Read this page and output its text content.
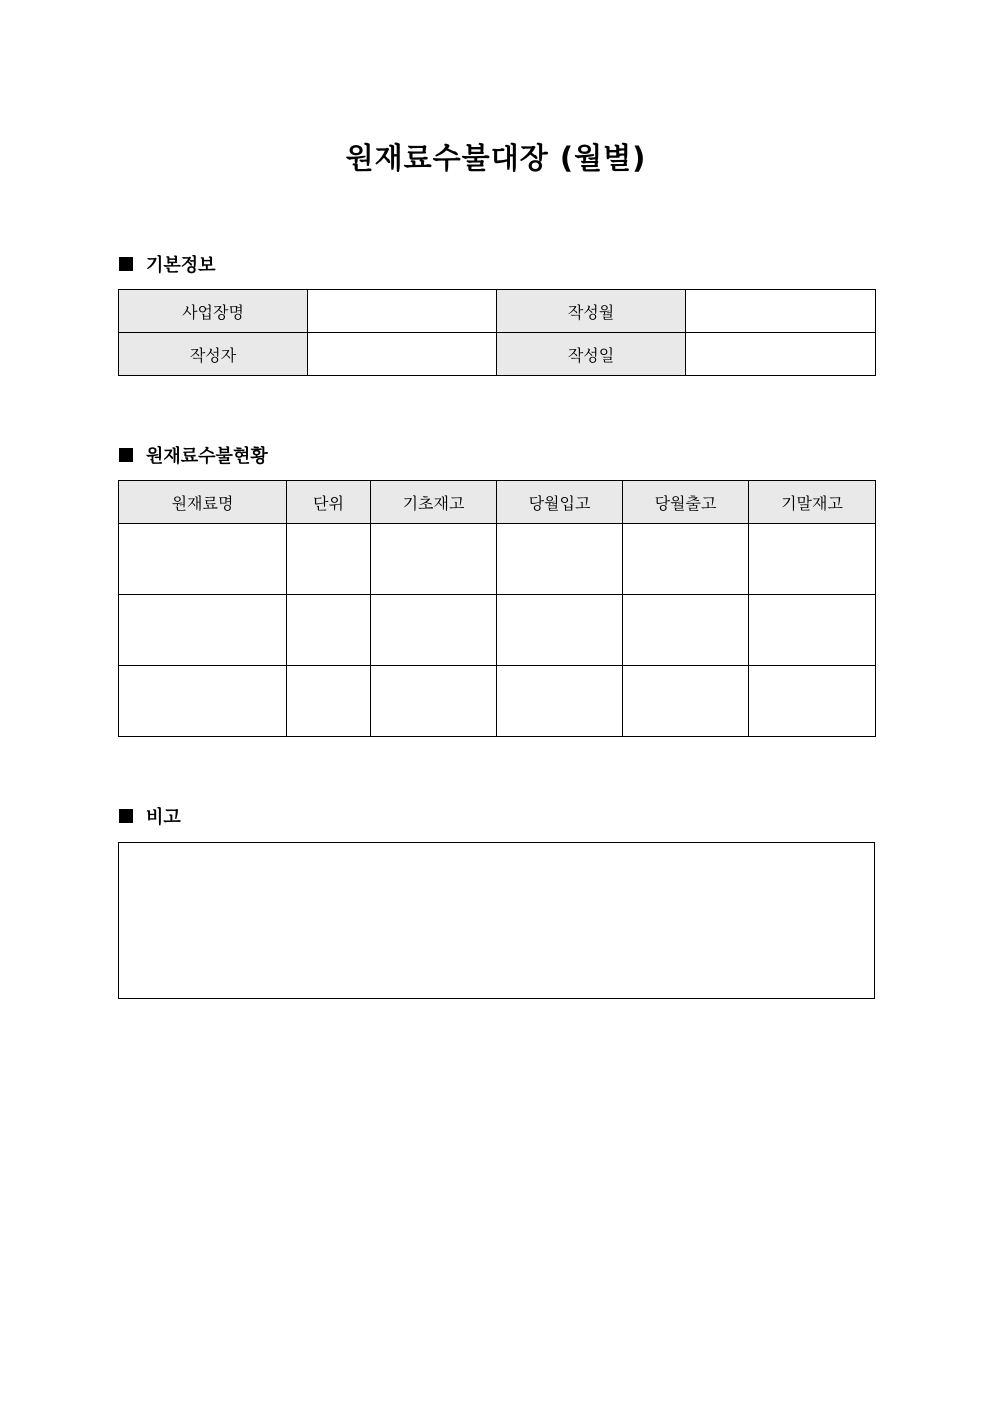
원재료수불대장 (월별)
기본정보
사업장명		작성월	
작성자		작성일	
원재료수불현황
원재료명	단위	기초재고	당월입고	당월출고	기말재고

비고
